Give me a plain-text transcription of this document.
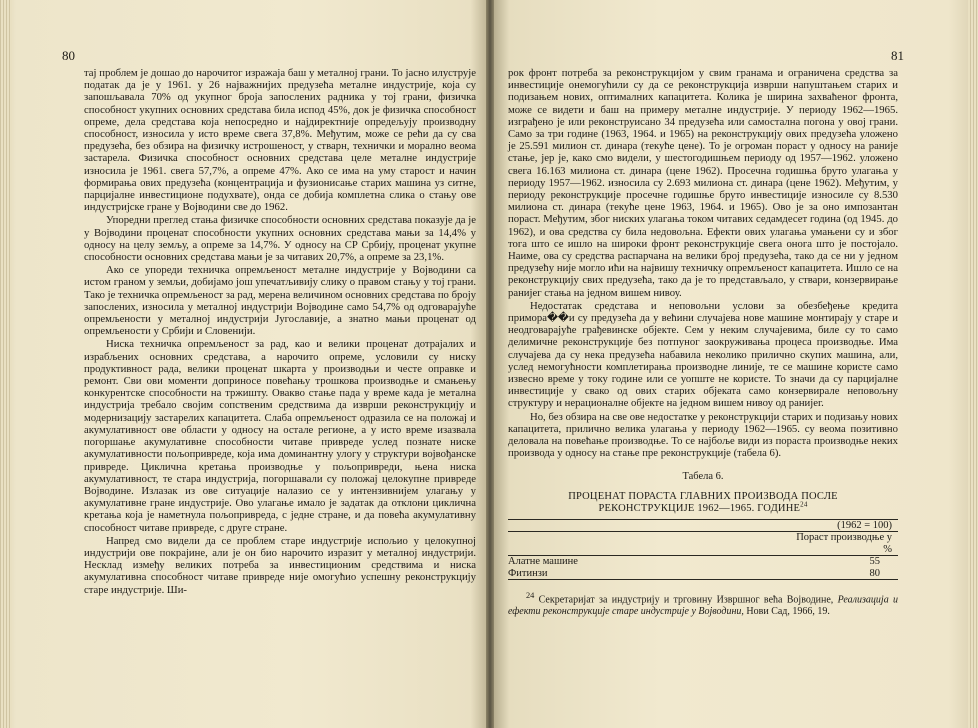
80

тај проблем је дошао до нарочитог изражаја баш у металној грани. То јасно илуструје податак да је у 1961. у 26 најважнијих предузећа металне индустрије, која су запошљавала 70% од укупног броја запослених радника у тој грани, физичка способност укупних основних средстава била испод 45%, док је физичка способност опреме, дела средстава која непосредно и најдиректније опредељују производну способност, износила у исто време свега 37,8%. Међутим, може се рећи да су сва предузећа, без обзира на физичку истрошеност, у стварн, технички и морално веома застарела. Физичка способност основних средстава целе металне индустрије износила је 1961. свега 57,7%, а опреме 47%. Ако се има на уму старост и начин формирања ових предузећа (концентрација и фузионисање старих машина уз ситне, парцијалне инвестиционе подухвате), онда се добија комплетна слика о стању ове индустријске гране у Војводини све до 1962.

Упоредни преглед стања физичке способности основних средстава показује да је у Војводини проценат способности укупних основних средстава мањи за 14,4% у односу на целу земљу, а опреме за 14,7%. У односу на СР Србију, проценат укупне способности основних средстава мањи је за читавих 20,7%, а опреме за 23,1%.

Ако се упореди техничка опремљеност металне индустрије у Војводини са истом граном у земљи, добијамо још упечатљивију слику о правом стању у тој грани. Тако је техничка опремљеност за рад, мерена величином основних средстава по броју запослених, износила у металној индустрији Војводине само 54,7% од одговарајуће опремљености у металној индустрији Југославије, а знатно мањи проценат од опремљености у Србији и Словенији.

Ниска техничка опремљеност за рад, као и велики проценат дотрајалих и израбљених основних средстава, а нарочито опреме, условили су ниску продуктивност рада, велики проценат шкарта у производњи и честе оправке и ремонт. Сви ови моменти доприносе повећању трошкова производње и смањењу конкурентске способности на тржишту. Овакво стање пада у време када је метална индустрија требало својим сопственим средствима да изврши реконструкцију и модернизацију застарелих капацитета. Слаба опремљеност одразила се на положај и акумулативност ове области у односу на остале регионе, а у исто време изазвала погоршање акумулативне способности читаве привреде услед познате ниске акумулативности пољопривреде, која има доминантну улогу у структури војвођанске привреде. Циклична кретања производње у пољопривреди, њена ниска акумулативност, те стара индустрија, погоршавали су положај целокупне привреде Војводине. Излазак из ове ситуације налазио се у интензивнијем улагању у акумулативне гране индустрије. Ово улагање имало је задатак да отклони циклична кретања која је наметнула пољопривреда, с једне стране, и да повећа акумулативну способност читаве привреде, с друге стране.

Напред смо видели да се проблем старе индустрије испољио у целокупној индустрији ове покрајине, али је он био нарочито изразит у металној индустрији. Несклад између великих потреба за инвестиционим средствима и ниска акумулативна способност читаве привреде није омогућио успешну реконструкцију старе индустрије. Ши-

81

рок фронт потреба за реконструкцијом у свим гранама и ограничена средства за инвестиције онемогућили су да се реконструкција изврши напуштањем старих и подизањем нових, оптималних капацитета. Колика је ширина захваћеног фронта, може се видети и баш на примеру металне индустрије. У периоду 1962—1965. изграђено је или реконструисано 34 предузећа или самостална погона у овој грани. Само за три године (1963, 1964. и 1965) на реконструкцију ових предузећа уложено је 25.591 милион ст. динара (текуће цене). То је огроман пораст у односу на раније стање, јер је, како смо видели, у шестогодишњем периоду од 1957—1962. уложено свега 16.163 милиона ст. динара (цене 1962). Просечна годишња бруто улагања у периоду 1957—1962. износила су 2.693 милиона ст. динара (цене 1962). Међутим, у периоду реконструкције просечне годишње бруто инвестиције износиле су 8.530 милиона ст. динара (текуће цене 1963, 1964. и 1965). Ово је за оно импозантан пораст. Међутим, због ниских улагања током читавих седамдесет година (од 1945. до 1962), и ова средства су била недовољна. Ефекти ових улагања умањени су и због тога што се ишло на широки фронт реконструкције свега онога што је постојало. Наиме, ова су средства распарчана на велики број предузећа, тако да се ни у једном предузећу није могло ићи на највишу техничку опремљеност капацитета. Ишло се на реконструкцију свих предузећа, тако да је то представљало, у ствари, конзервирање ранијег стања на једном вишем нивоу.

Недостатак средстава и неповољни услови за обезбеђење кредита примора��и су предузећа да у већини случајева нове машине монтирају у старе и неодговарајуће грађевинске објекте. Сем у неким случајевима, биле су то само делимичне реконструкције без потпуног заокруживања процеса производње. Има случајева да су нека предузећа набавила неколико прилично скупих машина, али, услед немогућности комплетирања производне линије, те се машине користе само извесно време у току године или се уопште не користе. То значи да су парцијалне инвестиције у свако од ових старих објеката само конзервирале неповољну структуру и нерационалне објекте на једном вишем нивоу од ранијег.

Но, без обзира на све ове недостатке у реконструкцији старих и подизању нових капацитета, прилично велика улагања у периоду 1962—1965. су веома позитивно деловала на повећање производње. То се најбоље види из пораста производње неких производа у односу на стање пре реконструкције (табела 6).

Табела 6.
ПРОЦЕНАТ ПОРАСТА ГЛАВНИХ ПРОИЗВОДА ПОСЛЕ
РЕКОНСТРУКЦИЈЕ 1962—1965. ГОДИНЕ$^{24}$
	(1962 = 100)

	Пораст производње у
%

Алатне машине	55
Фитинзи	80
$^{24}$ Секретаријат за индустрију и трговину Извршног већа Војводине, Реализација и ефекти реконструкције старе индустрије у Војводини, Нови Сад, 1966, 19.
